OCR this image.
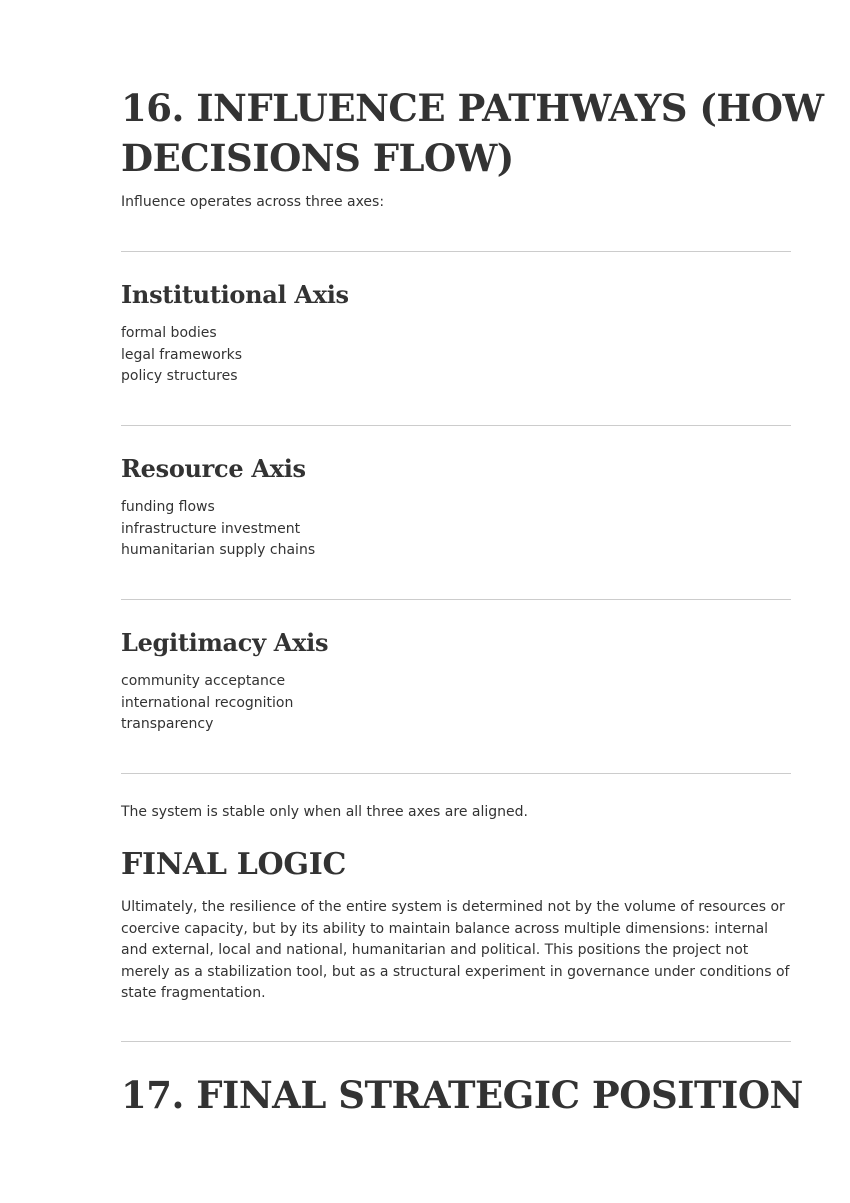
16. INFLUENCE PATHWAYS (HOW
DECISIONS FLOW)

Influence operates across three axes:

Institutional Axis
formal bodies
legal frameworks
policy structures
Resource Axis
funding flows
infrastructure investment
humanitarian supply chains
Legitimacy Axis
community acceptance
international recognition
transparency

The system is stable only when all three axes are aligned.

FINAL LOGIC

Ultimately, the resilience of the entire system is determined not by the volume of resources or coercive capacity, but by its ability to maintain balance across multiple dimensions: internal and external, local and national, humanitarian and political. This positions the project not merely as a stabilization tool, but as a structural experiment in governance under conditions of state fragmentation.

17. FINAL STRATEGIC POSITION
